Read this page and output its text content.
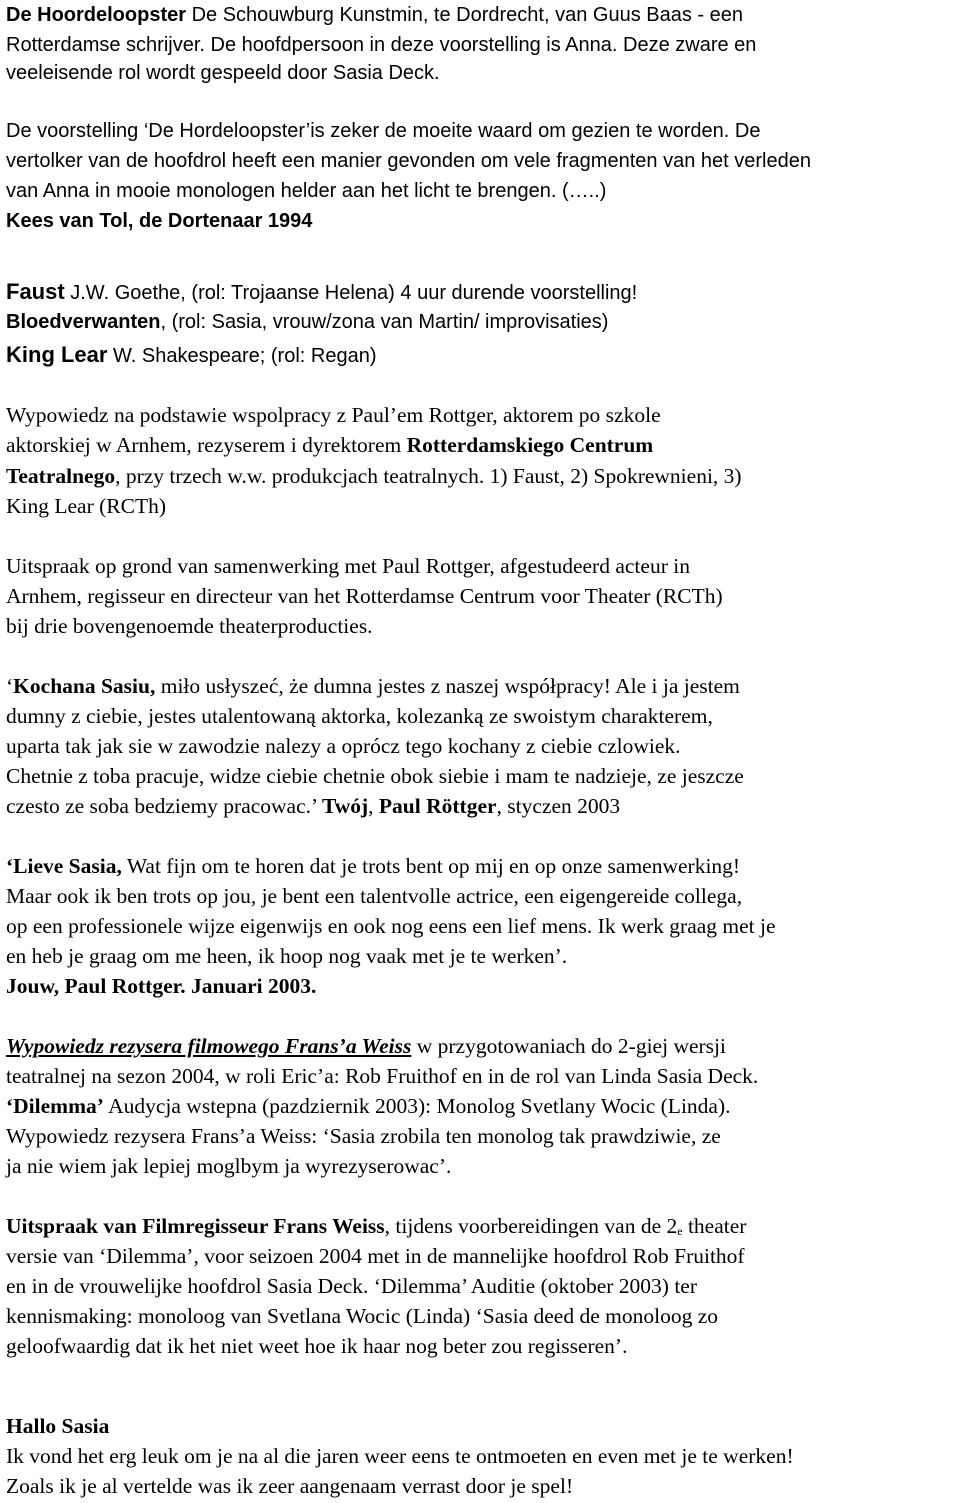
De Hoordeloopster De Schouwburg Kunstmin, te Dordrecht, van Guus Baas - een
Rotterdamse schrijver. De hoofdpersoon in deze voorstelling is Anna. Deze zware en
veeleisende rol wordt gespeeld door Sasia Deck.
De voorstelling ‘De Hordeloopster’is zeker de moeite waard om gezien te worden. De
vertolker van de hoofdrol heeft een manier gevonden om vele fragmenten van het verleden
van Anna in mooie monologen helder aan het licht te brengen. (…..)
Kees van Tol, de Dortenaar 1994
Faust J.W. Goethe, (rol: Trojaanse Helena) 4 uur durende voorstelling!
Bloedverwanten, (rol: Sasia, vrouw/zona van Martin/ improvisaties)
King Lear W. Shakespeare; (rol: Regan)
Wypowiedz na podstawie wspolpracy z Paul’em Rottger, aktorem po szkole
aktorskiej w Arnhem, rezyserem i dyrektorem Rotterdamskiego Centrum
Teatralnego, przy trzech w.w. produkcjach teatralnych. 1) Faust, 2) Spokrewnieni, 3)
King Lear (RCTh)
Uitspraak op grond van samenwerking met Paul Rottger, afgestudeerd acteur in
Arnhem, regisseur en directeur van het Rotterdamse Centrum voor Theater (RCTh)
bij drie bovengenoemde theaterproducties.
‘Kochana Sasiu, miło usłyszeć, że dumna jestes z naszej współpracy! Ale i ja jestem
dumny z ciebie, jestes utalentowaną aktorka, kolezanką ze swoistym charakterem,
uparta tak jak sie w zawodzie nalezy a oprócz tego kochany z ciebie czlowiek.
Chetnie z toba pracuje, widze ciebie chetnie obok siebie i mam te nadzieje, ze jeszcze
czesto ze soba bedziemy pracowac.’ Twój, Paul Röttger, styczen 2003
‘Lieve Sasia, Wat fijn om te horen dat je trots bent op mij en op onze samenwerking!
Maar ook ik ben trots op jou, je bent een talentvolle actrice, een eigengereide collega,
op een professionele wijze eigenwijs en ook nog eens een lief mens. Ik werk graag met je
en heb je graag om me heen, ik hoop nog vaak met je te werken’.
Jouw, Paul Rottger. Januari 2003.
Wypowiedz rezysera filmowego Frans’a Weiss w przygotowaniach do 2-giej wersji
teatralnej na sezon 2004, w roli Eric’a: Rob Fruithof en in de rol van Linda Sasia Deck.
‘Dilemma’ Audycja wstepna (pazdziernik 2003): Monolog Svetlany Wocic (Linda).
Wypowiedz rezysera Frans’a Weiss: ‘Sasia zrobila ten monolog tak prawdziwie, ze
ja nie wiem jak lepiej moglbym ja wyrezyserowac’.
Uitspraak van Filmregisseur Frans Weiss, tijdens voorbereidingen van de $2_e$ theater
versie van ‘Dilemma’, voor seizoen 2004 met in de mannelijke hoofdrol Rob Fruithof
en in de vrouwelijke hoofdrol Sasia Deck. ‘Dilemma’ Auditie (oktober 2003) ter
kennismaking: monoloog van Svetlana Wocic (Linda) ‘Sasia deed de monoloog zo
geloofwaardig dat ik het niet weet hoe ik haar nog beter zou regisseren’.
Hallo Sasia
Ik vond het erg leuk om je na al die jaren weer eens te ontmoeten en even met je te werken!
Zoals ik je al vertelde was ik zeer aangenaam verrast door je spel!
